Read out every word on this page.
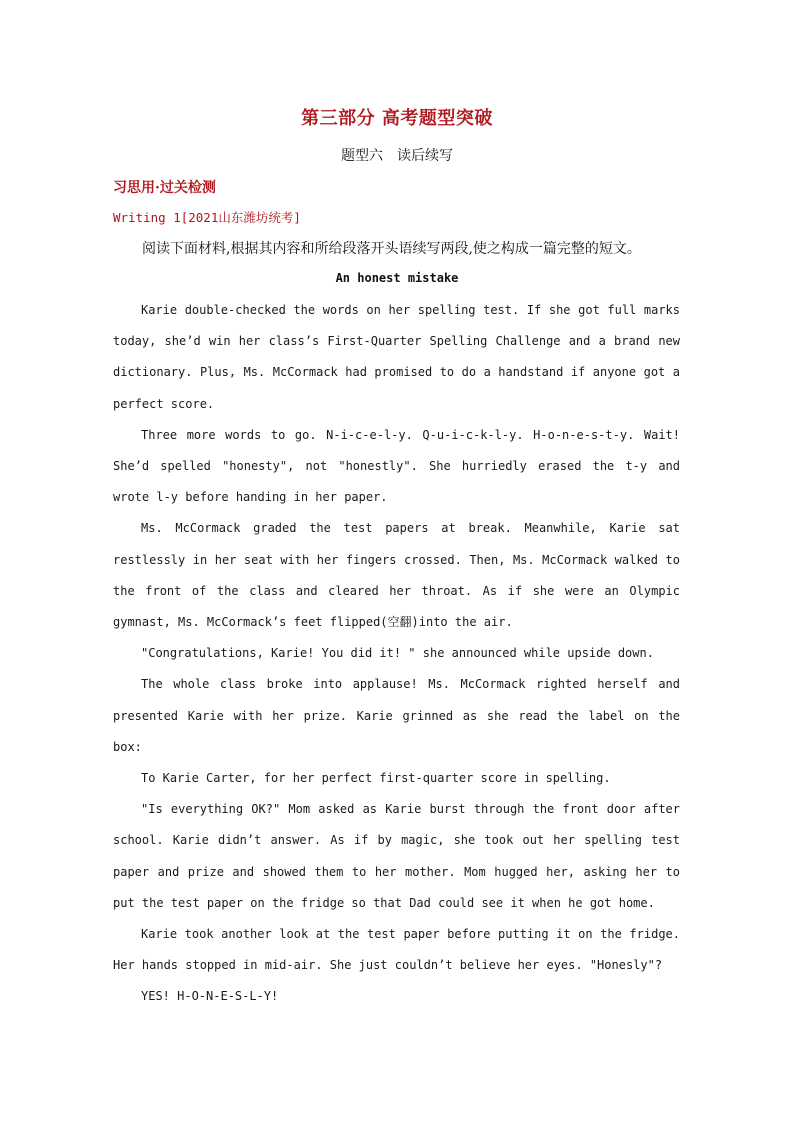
第三部分 高考题型突破
题型六　读后续写
习思用·过关检测
Writing 1[2021山东潍坊统考]
阅读下面材料,根据其内容和所给段落开头语续写两段,使之构成一篇完整的短文。
An honest mistake

Karie double-checked the words on her spelling test. If she got full marks today, she’d win her class’s First-Quarter Spelling Challenge and a brand new dictionary. Plus, Ms. McCormack had promised to do a handstand if anyone got a perfect score.

Three more words to go. N-i-c-e-l-y. Q-u-i-c-k-l-y. H-o-n-e-s-t-y. Wait! She’d spelled "honesty", not "honestly". She hurriedly erased the t-y and wrote l-y before handing in her paper.

Ms. McCormack graded the test papers at break. Meanwhile, Karie sat restlessly in her seat with her fingers crossed. Then, Ms. McCormack walked to the front of the class and cleared her throat. As if she were an Olympic gymnast, Ms. McCormack’s feet flipped(空翻)into the air.

"Congratulations, Karie! You did it! " she announced while upside down.

The whole class broke into applause! Ms. McCormack righted herself and presented Karie with her prize. Karie grinned as she read the label on the box:

To Karie Carter, for her perfect first-quarter score in spelling.

"Is everything OK?" Mom asked as Karie burst through the front door after school. Karie didn’t answer. As if by magic, she took out her spelling test paper and prize and showed them to her mother. Mom hugged her, asking her to put the test paper on the fridge so that Dad could see it when he got home.

Karie took another look at the test paper before putting it on the fridge. Her hands stopped in mid-air. She just couldn’t believe her eyes. "Honesly"?

YES! H-O-N-E-S-L-Y!
